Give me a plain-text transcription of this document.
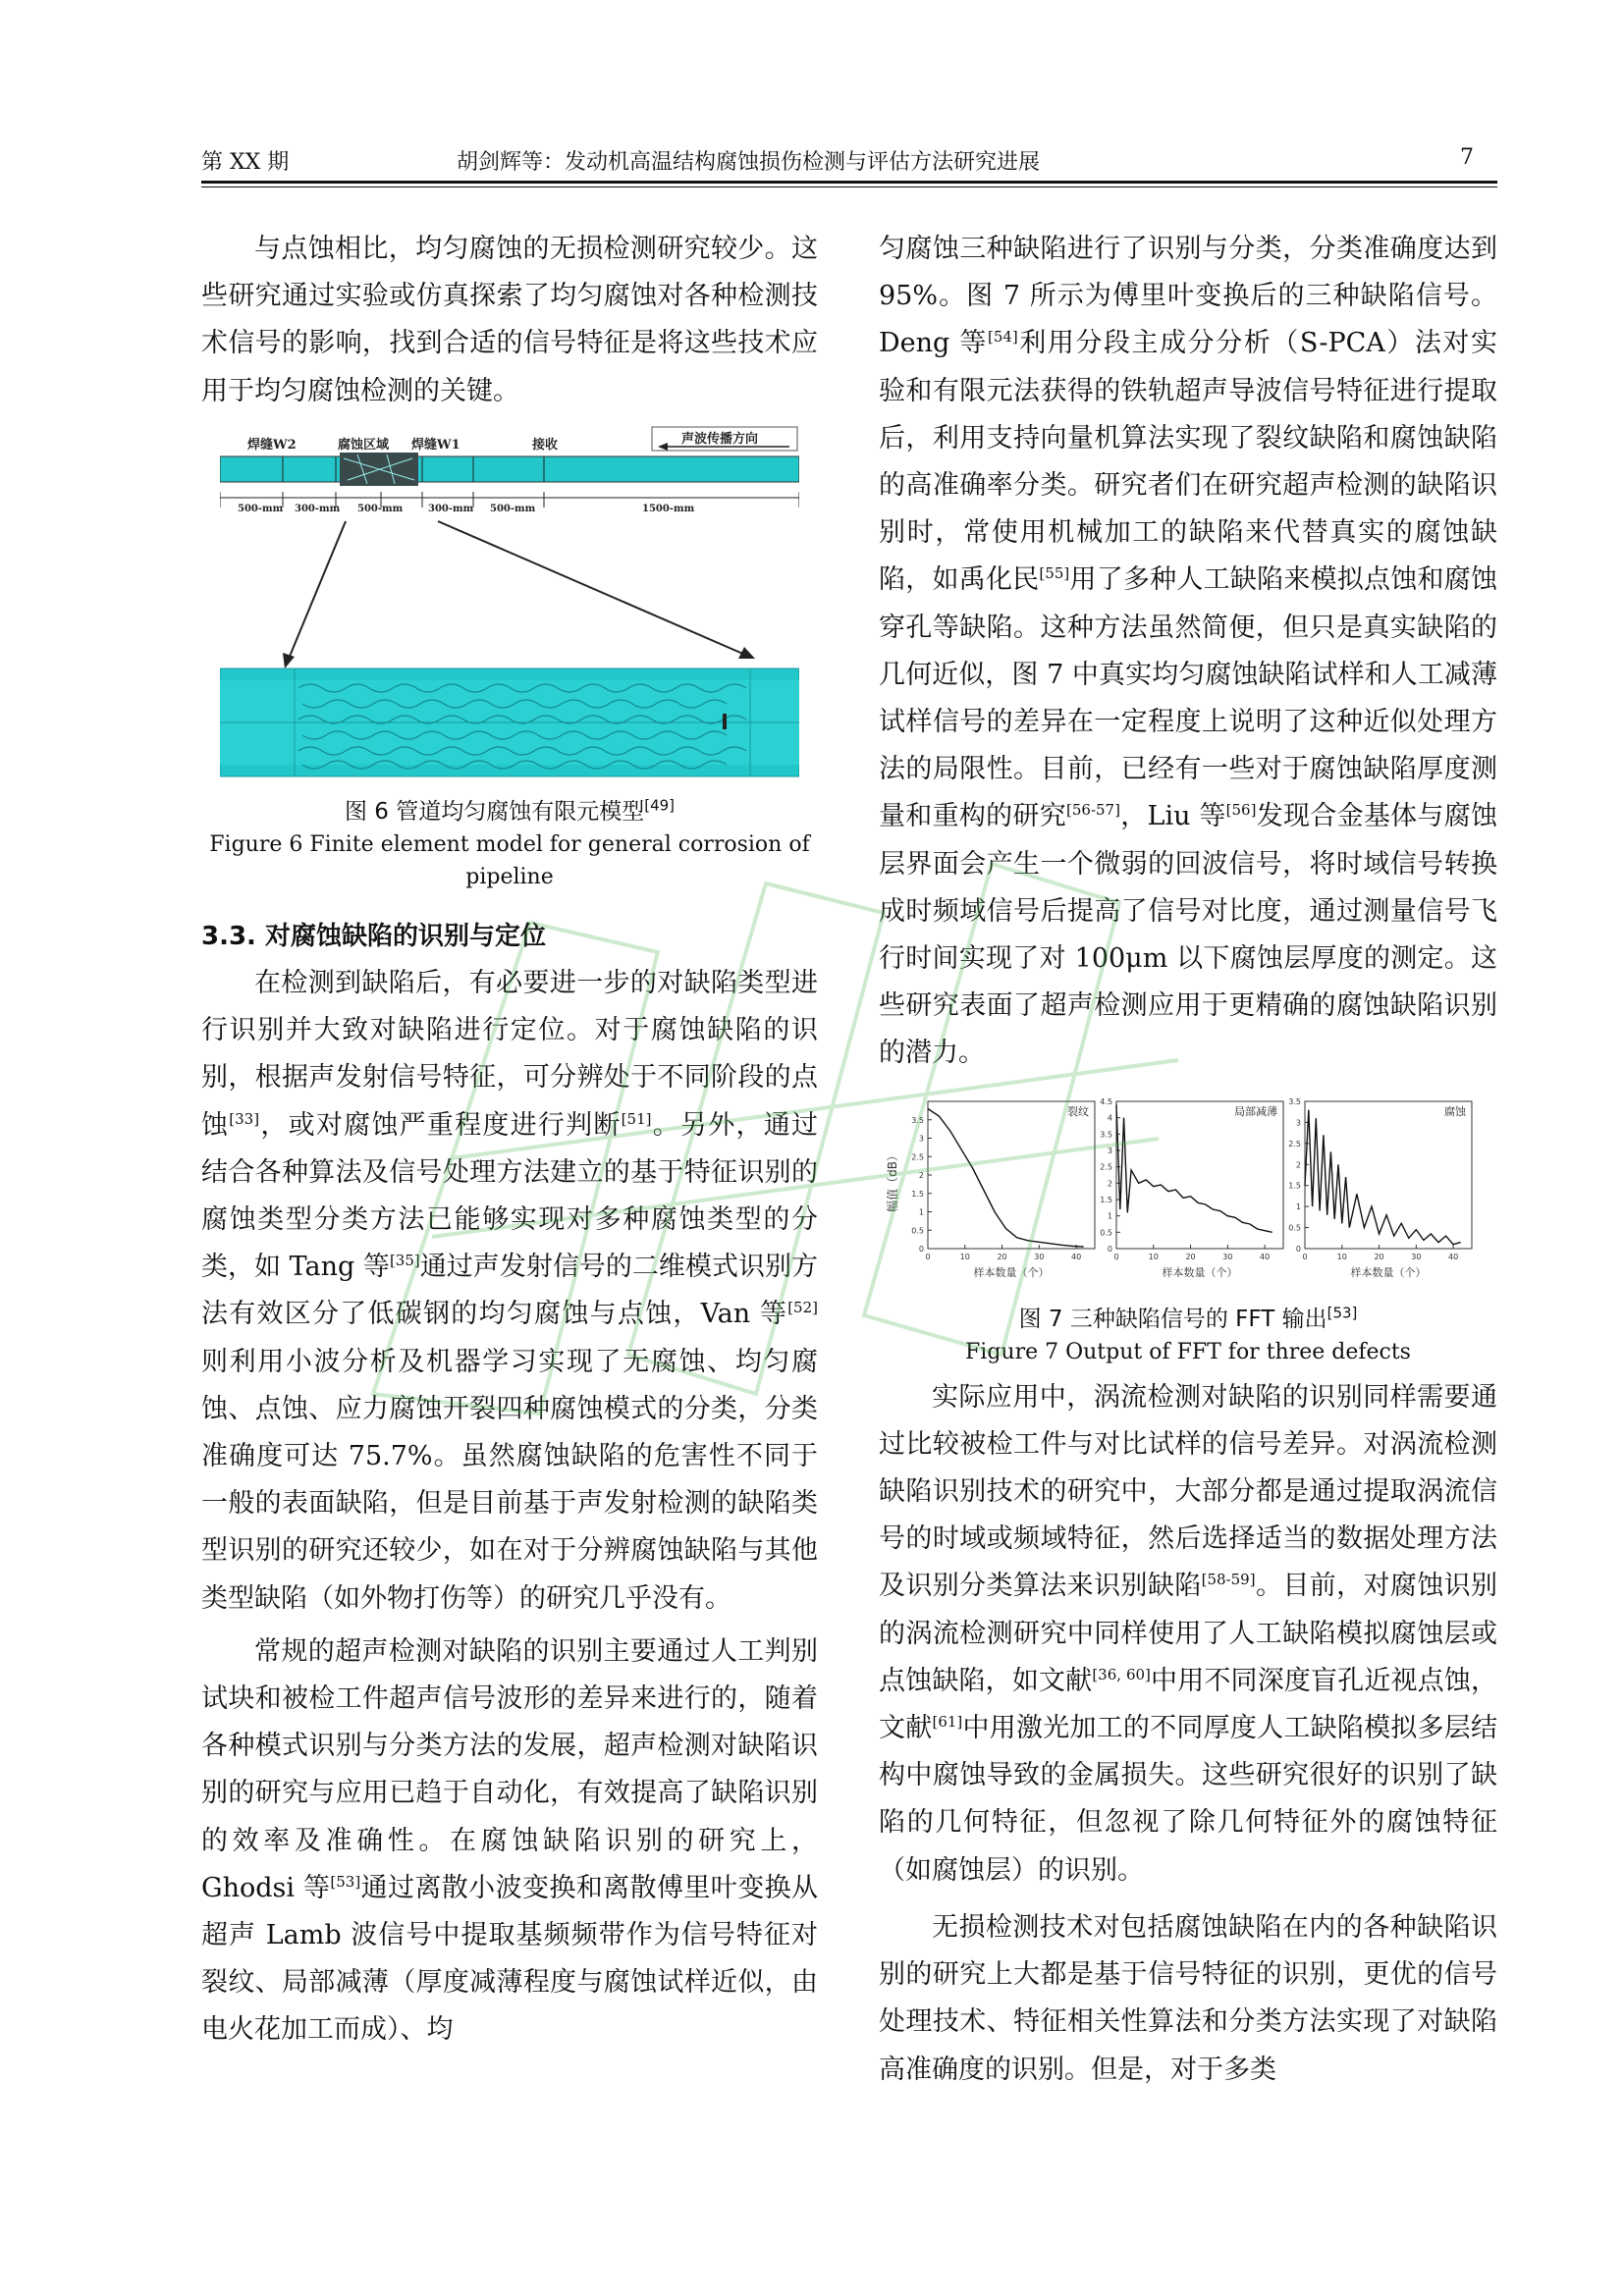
第 XX 期	胡剑辉等：发动机高温结构腐蚀损伤检测与评估方法研究进展	7

与点蚀相比，均匀腐蚀的无损检测研究较少。这些研究通过实验或仿真探索了均匀腐蚀对各种检测技术信号的影响，找到合适的信号特征是将这些技术应用于均匀腐蚀检测的关键。

焊缝W2	腐蚀区域 焊缝W1	接收	声波传播方向
500-mm 300-mm 500-mm	300-mm 500-mm	1500-mm

图 6 管道均匀腐蚀有限元模型[49]

Figure 6 Finite element model for general corrosion of pipeline

3.3. 对腐蚀缺陷的识别与定位

在检测到缺陷后，有必要进一步的对缺陷类型进行识别并大致对缺陷进行定位。对于腐蚀缺陷的识别，根据声发射信号特征，可分辨处于不同阶段的点蚀[33]，或对腐蚀严重程度进行判断[51]。另外，通过结合各种算法及信号处理方法建立的基于特征识别的腐蚀类型分类方法已能够实现对多种腐蚀类型的分类，如 Tang 等[35]通过声发射信号的二维模式识别方法有效区分了低碳钢的均匀腐蚀与点蚀，Van 等[52]则利用小波分析及机器学习实现了无腐蚀、均匀腐蚀、点蚀、应力腐蚀开裂四种腐蚀模式的分类，分类准确度可达 75.7%。虽然腐蚀缺陷的危害性不同于一般的表面缺陷，但是目前基于声发射检测的缺陷类型识别的研究还较少，如在对于分辨腐蚀缺陷与其他类型缺陷（如外物打伤等）的研究几乎没有。

常规的超声检测对缺陷的识别主要通过人工判别试块和被检工件超声信号波形的差异来进行的，随着各种模式识别与分类方法的发展，超声检测对缺陷识别的研究与应用已趋于自动化，有效提高了缺陷识别的效率及准确性。在腐蚀缺陷识别的研究上，Ghodsi 等[53]通过离散小波变换和离散傅里叶变换从超声 Lamb 波信号中提取基频频带作为信号特征对裂纹、局部减薄（厚度减薄程度与腐蚀试样近似，由电火花加工而成）、均

匀腐蚀三种缺陷进行了识别与分类，分类准确度达到 95%。图 7 所示为傅里叶变换后的三种缺陷信号。Deng 等[54]利用分段主成分分析（S-PCA）法对实验和有限元法获得的铁轨超声导波信号特征进行提取后，利用支持向量机算法实现了裂纹缺陷和腐蚀缺陷的高准确率分类。研究者们在研究超声检测的缺陷识别时，常使用机械加工的缺陷来代替真实的腐蚀缺陷，如禹化民[55]用了多种人工缺陷来模拟点蚀和腐蚀穿孔等缺陷。这种方法虽然简便，但只是真实缺陷的几何近似，图 7 中真实均匀腐蚀缺陷试样和人工减薄试样信号的差异在一定程度上说明了这种近似处理方法的局限性。目前，已经有一些对于腐蚀缺陷厚度测量和重构的研究[56-57]，Liu 等[56]发现合金基体与腐蚀层界面会产生一个微弱的回波信号，将时域信号转换成时频域信号后提高了信号对比度，通过测量信号飞行时间实现了对 100μm 以下腐蚀层厚度的测定。这些研究表面了超声检测应用于更精确的腐蚀缺陷识别的潜力。

幅值（dB）
0
0.5
1
1.5
2
2.5
3
3.5
0	10	20	30	40
裂纹
样本数量（个）
0
0.5
1
1.5
2
2.5
3
3.5
4
4.5
0	10	20	30	40
局部减薄
样本数量（个）
0
0.5
1
1.5
2
2.5
3
3.5
0	10	20	30	40
腐蚀
样本数量（个）

图 7 三种缺陷信号的 FFT 输出[53]

Figure 7 Output of FFT for three defects

实际应用中，涡流检测对缺陷的识别同样需要通过比较被检工件与对比试样的信号差异。对涡流检测缺陷识别技术的研究中，大部分都是通过提取涡流信号的时域或频域特征，然后选择适当的数据处理方法及识别分类算法来识别缺陷[58-59]。目前，对腐蚀识别的涡流检测研究中同样使用了人工缺陷模拟腐蚀层或点蚀缺陷，如文献[36, 60]中用不同深度盲孔近视点蚀，文献[61]中用激光加工的不同厚度人工缺陷模拟多层结构中腐蚀导致的金属损失。这些研究很好的识别了缺陷的几何特征，但忽视了除几何特征外的腐蚀特征（如腐蚀层）的识别。

无损检测技术对包括腐蚀缺陷在内的各种缺陷识别的研究上大都是基于信号特征的识别，更优的信号处理技术、特征相关性算法和分类方法实现了对缺陷高准确度的识别。但是，对于多类
